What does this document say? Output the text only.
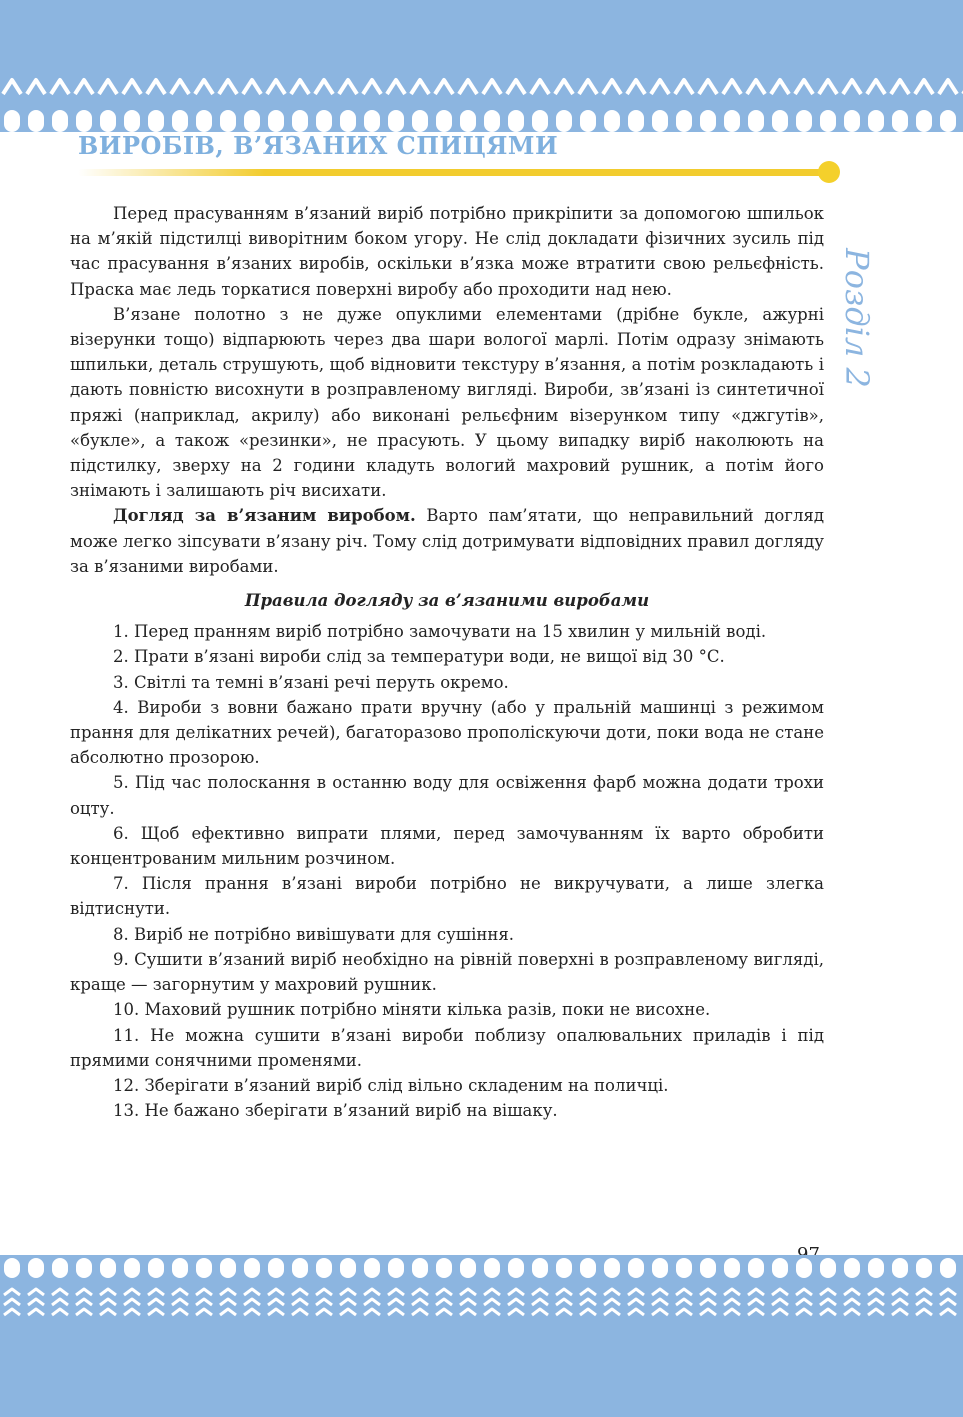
ВИРОБІВ, В’ЯЗАНИХ СПИЦЯМИ
Розділ 2

Перед прасуванням в’язаний виріб потрібно прикріпити за допомогою шпильок на м’якій підстилці виворітним боком угору. Не слід докладати фізичних зусиль під час прасування в’язаних виробів, оскільки в’язка може втратити свою рельєфність. Праска має ледь торкатися поверхні виробу або проходити над нею.

В’язане полотно з не дуже опуклими елементами (дрібне букле, ажурні візерунки тощо) відпарюють через два шари вологої марлі. Потім одразу знімають шпильки, деталь струшують, щоб відновити текстуру в’язання, а потім розкладають і дають повністю висохнути в розправленому вигляді. Вироби, зв’язані із синтетичної пряжі (наприклад, акрилу) або виконані рельєфним візерунком типу «джгутів», «букле», а також «резинки», не прасують. У цьому випадку виріб наколюють на підстилку, зверху на 2 години кладуть вологий махровий рушник, а потім його знімають і залишають річ висихати.

Догляд за в’язаним виробом. Варто пам’ятати, що неправильний догляд може легко зіпсувати в’язану річ. Тому слід дотримувати відповідних правил догляду за в’язаними виробами.

Правила догляду за в’язаними виробами

1. Перед пранням виріб потрібно замочувати на 15 хвилин у мильній воді.

2. Прати в’язані вироби слід за температури води, не вищої від 30 °С.

3. Світлі та темні в’язані речі перуть окремо.

4. Вироби з вовни бажано прати вручну (або у пральній машинці з режимом прання для делікатних речей), багаторазово прополіскуючи доти, поки вода не стане абсолютно прозорою.

5. Під час полоскання в останню воду для освіження фарб можна додати трохи оцту.

6. Щоб ефективно випрати плями, перед замочуванням їх варто обробити концентрованим мильним розчином.

7. Після прання в’язані вироби потрібно не викручувати, а лише злегка відтиснути.

8. Виріб не потрібно вивішувати для сушіння.

9. Сушити в’язаний виріб необхідно на рівній поверхні в розправленому вигляді, краще — загорнутим у махровий рушник.

10. Маховий рушник потрібно міняти кілька разів, поки не висохне.

11. Не можна сушити в’язані вироби поблизу опалювальних приладів і під прямими сонячними променями.

12. Зберігати в’язаний виріб слід вільно складеним на поличці.

13. Не бажано зберігати в’язаний виріб на вішаку.
